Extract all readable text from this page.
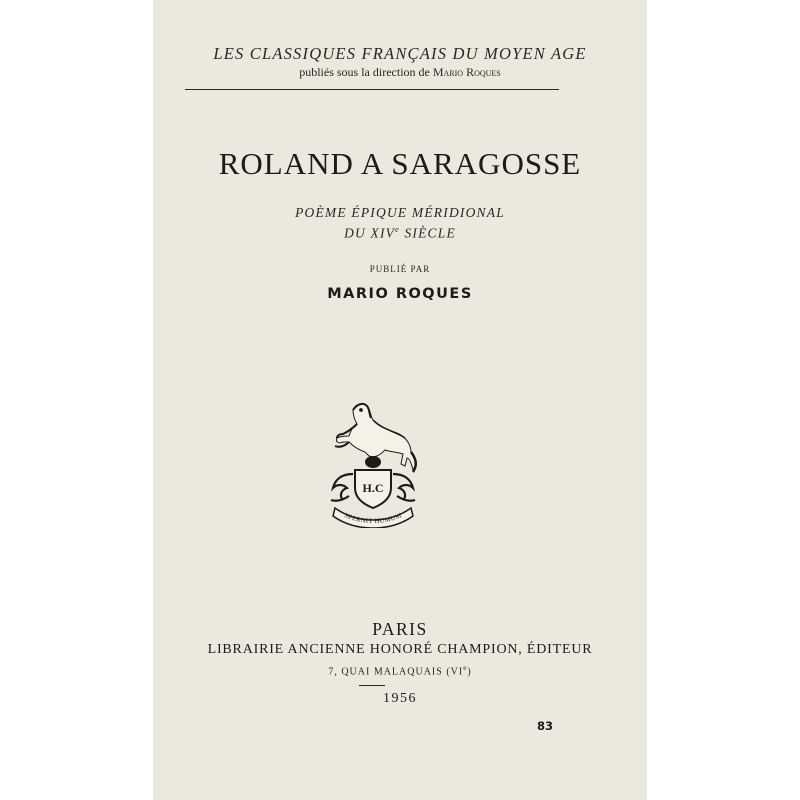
LES CLASSIQUES FRANÇAIS DU MOYEN AGE
publiés sous la direction de Mario Roques
ROLAND A SARAGOSSE
POÈME ÉPIQUE MÉRIDIONAL
DU XIVe SIÈCLE
PUBLIÉ PAR
MARIO ROQUES
H.C
SPERNIT HUMUM
PARIS
LIBRAIRIE ANCIENNE HONORÉ CHAMPION, ÉDITEUR
7, QUAI MALAQUAIS (VIe)
1956
83
